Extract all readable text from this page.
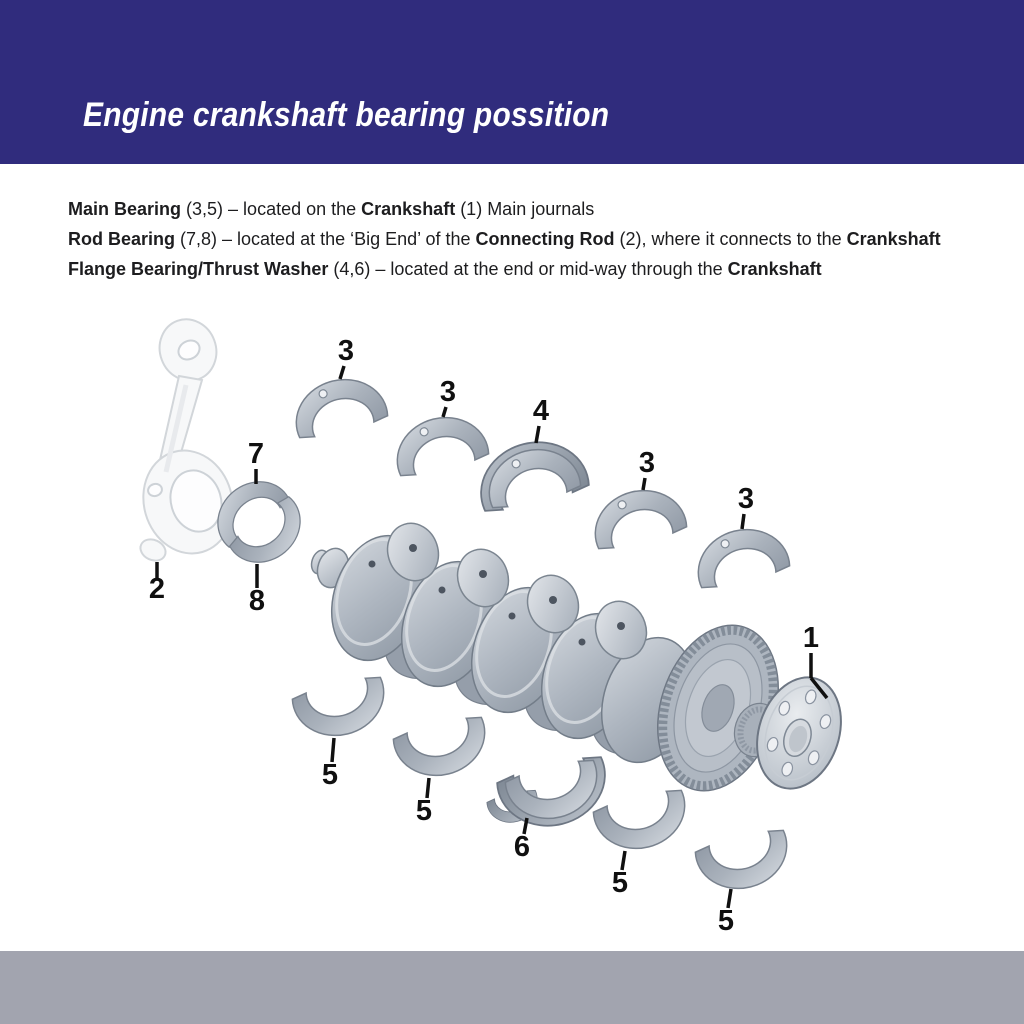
Engine crankshaft bearing possition

Main Bearing (3,5) – located on the Crankshaft (1) Main journals

Rod Bearing (7,8) – located at the ‘Big End’ of the Connecting Rod (2), where it connects to the Crankshaft

Flange Bearing/Thrust Washer (4,6) – located at the end or mid-way through the Crankshaft

3
3
4
3
3
7
8
2
1
5
5
6
5
5
